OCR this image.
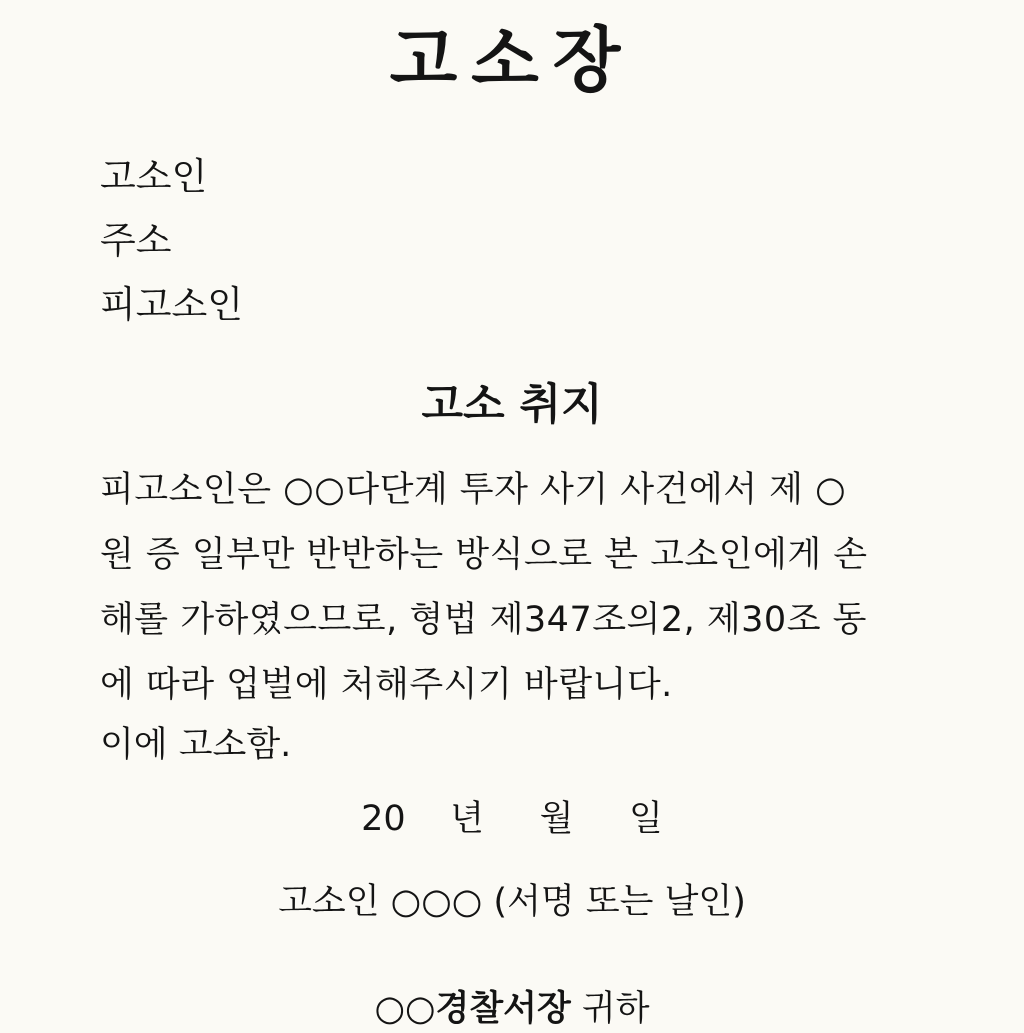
고소장
고소인
주소
피고소인
고소 취지
피고소인은 ○○다단계 투자 사기 사건에서 제 ○
원 증 일부만 반반하는 방식으로 본 고소인에게 손
해롤 가하였으므로, 형법 제347조의2, 제30조 동
에 따라 업벌에 처해주시기 바랍니다.
이에 고소함.
20    년     월     일
고소인 ○○○ (서명 또는 날인)
○○경찰서장 귀하
